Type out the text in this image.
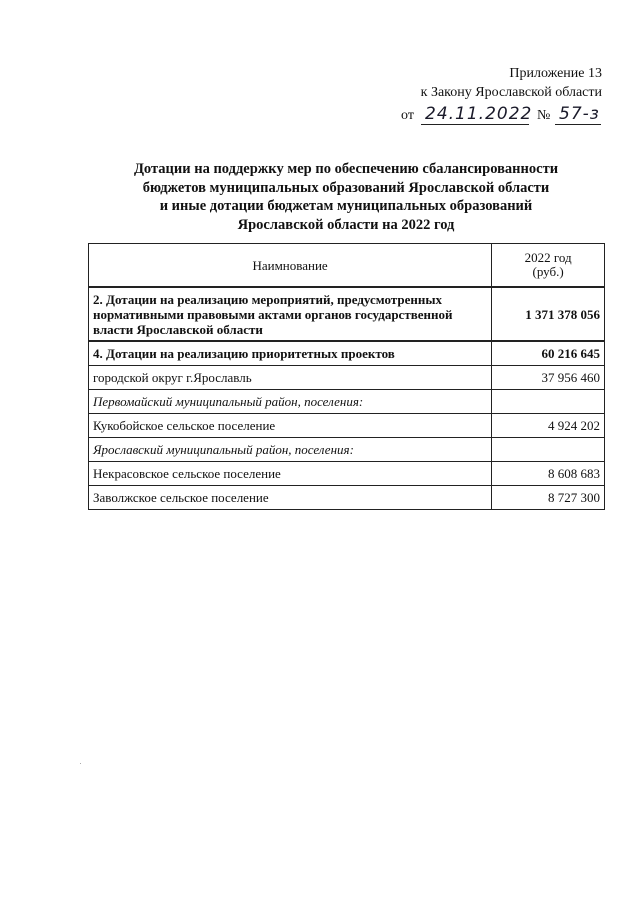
Приложение 13
к Закону Ярославской области
от 24.11.2022 № 57-з
Дотации на поддержку мер по обеспечению сбалансированности
бюджетов муниципальных образований Ярославской области
и иные дотации бюджетам муниципальных образований
Ярославской области на 2022 год
Наимнование	2022 год
(руб.)

2. Дотации на реализацию мероприятий, предусмотренных нормативными правовыми актами органов государственной власти Ярославской области	1 371 378 056
4. Дотации на реализацию приоритетных проектов	60 216 645
городской округ г.Ярославль	37 956 460
Первомайский муниципальный район, поселения:	
Кукобойское сельское поселение	4 924 202
Ярославский муниципальный район, поселения:	
Некрасовское сельское поселение	8 608 683
Заволжское сельское поселение	8 727 300
